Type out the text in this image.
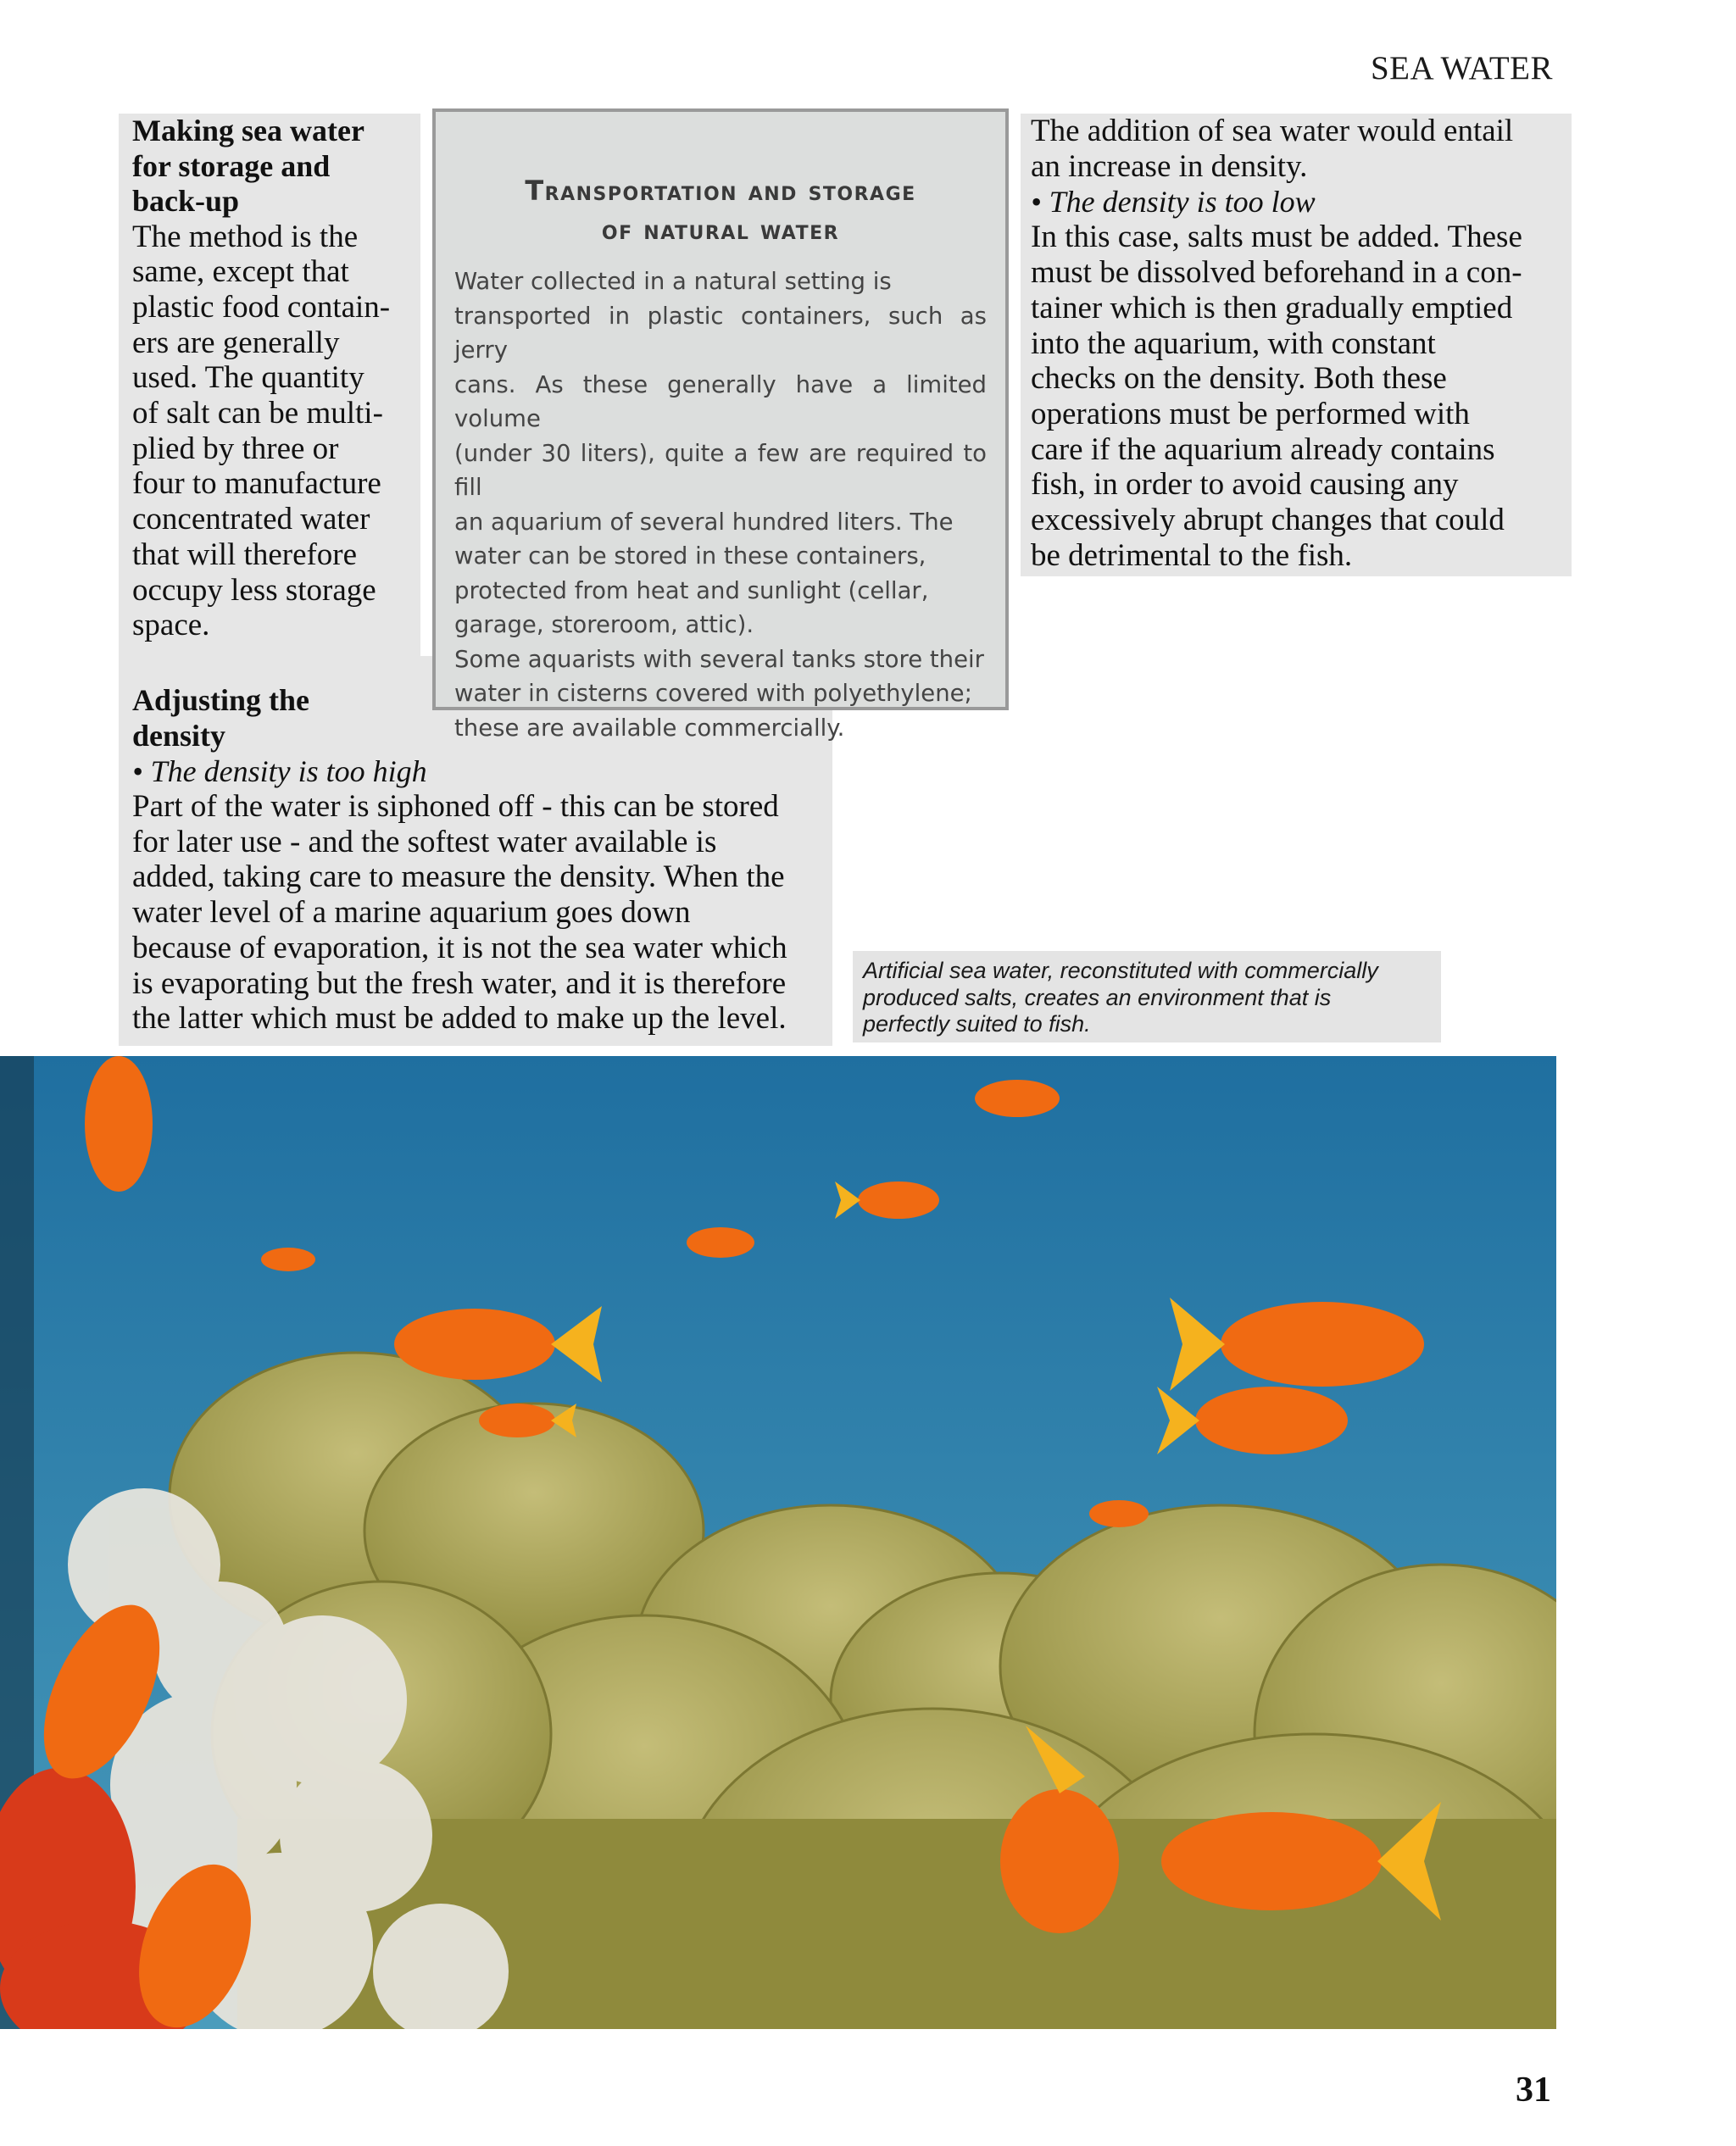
SEA WATER
Making sea water
for storage and
back-up

The method is the
same, except that
plastic food contain-
ers are generally
used. The quantity
of salt can be multi-
plied by three or
four to manufacture
concentrated water
that will therefore
occupy less storage
space.

Adjusting the
density
• The density is too high

Part of the water is siphoned off - this can be stored
for later use - and the softest water available is
added, taking care to measure the density. When the
water level of a marine aquarium goes down
because of evaporation, it is not the sea water which
is evaporating but the fresh water, and it is therefore
the latter which must be added to make up the level.

Transportation and storage
of natural water

Water collected in a natural setting is
transported in plastic containers, such as jerry
cans. As these generally have a limited volume
(under 30 liters), quite a few are required to fill
an aquarium of several hundred liters. The
water can be stored in these containers,
protected from heat and sunlight (cellar,
garage, storeroom, attic).
Some aquarists with several tanks store their
water in cisterns covered with polyethylene;
these are available commercially.

The addition of sea water would entail
an increase in density.

• The density is too low

In this case, salts must be added. These
must be dissolved beforehand in a con-
tainer which is then gradually emptied
into the aquarium, with constant
checks on the density. Both these
operations must be performed with
care if the aquarium already contains
fish, in order to avoid causing any
excessively abrupt changes that could
be detrimental to the fish.

Artificial sea water, reconstituted with commercially
produced salts, creates an environment that is
perfectly suited to fish.
31
